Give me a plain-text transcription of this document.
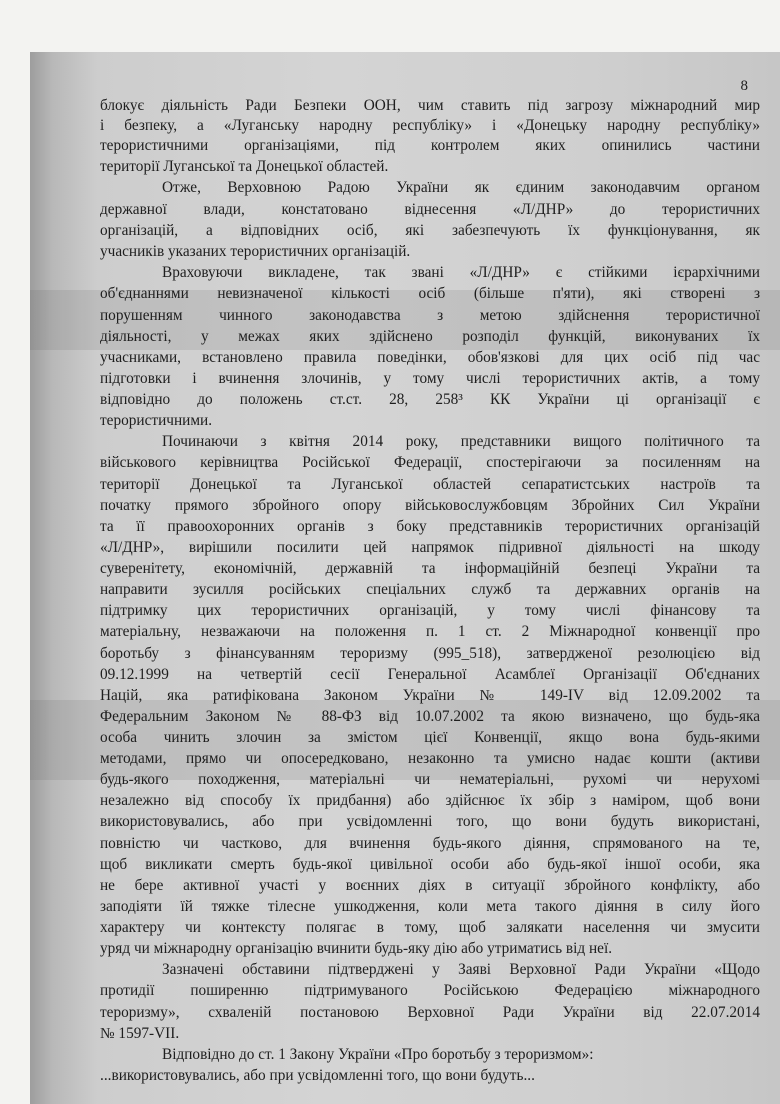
8
блокує діяльність Ради Безпеки ООН, чим ставить під загрозу міжнародний мир
і безпеку, а «Луганську народну республіку» і «Донецьку народну республіку»
терористичними організаціями, під контролем яких опинились частини
території Луганської та Донецької областей.
Отже, Верховною Радою України як єдиним законодавчим органом
державної влади, констатовано віднесення «Л/ДНР» до терористичних
організацій, а відповідних осіб, які забезпечують їх функціонування, як
учасників указаних терористичних організацій.
Враховуючи викладене, так звані «Л/ДНР» є стійкими ієрархічними
об'єднаннями невизначеної кількості осіб (більше п'яти), які створені з
порушенням чинного законодавства з метою здійснення терористичної
діяльності, у межах яких здійснено розподіл функцій, виконуваних їх
учасниками, встановлено правила поведінки, обов'язкові для цих осіб під час
підготовки і вчинення злочинів, у тому числі терористичних актів, а тому
відповідно до положень ст.ст. 28, 258³ КК України ці організації є
терористичними.
Починаючи з квітня 2014 року, представники вищого політичного та
військового керівництва Російської Федерації, спостерігаючи за посиленням на
території Донецької та Луганської областей сепаратистських настроїв та
початку прямого збройного опору військовослужбовцям Збройних Сил України
та її правоохоронних органів з боку представників терористичних організацій
«Л/ДНР», вирішили посилити цей напрямок підривної діяльності на шкоду
суверенітету, економічній, державній та інформаційній безпеці України та
направити зусилля російських спеціальних служб та державних органів на
підтримку цих терористичних організацій, у тому числі фінансову та
матеріальну, незважаючи на положення п. 1 ст. 2 Міжнародної конвенції про
боротьбу з фінансуванням тероризму (995_518), затвердженої резолюцією від
09.12.1999 на четвертій сесії Генеральної Асамблеї Організації Об'єднаних
Націй, яка ратифікована Законом України № 149-IV від 12.09.2002 та
Федеральним Законом № 88-ФЗ від 10.07.2002 та якою визначено, що будь-яка
особа чинить злочин за змістом цієї Конвенції, якщо вона будь-якими
методами, прямо чи опосередковано, незаконно та умисно надає кошти (активи
будь-якого походження, матеріальні чи нематеріальні, рухомі чи нерухомі
незалежно від способу їх придбання) або здійснює їх збір з наміром, щоб вони
використовувались, або при усвідомленні того, що вони будуть використані,
повністю чи частково, для вчинення будь-якого діяння, спрямованого на те,
щоб викликати смерть будь-якої цивільної особи або будь-якої іншої особи, яка
не бере активної участі у воєнних діях в ситуації збройного конфлікту, або
заподіяти їй тяжке тілесне ушкодження, коли мета такого діяння в силу його
характеру чи контексту полягає в тому, щоб залякати населення чи змусити
уряд чи міжнародну організацію вчинити будь-яку дію або утриматись від неї.
Зазначені обставини підтверджені у Заяві Верховної Ради України «Щодо
протидії поширенню підтримуваного Російською Федерацією міжнародного
тероризму», схваленій постановою Верховної Ради України від 22.07.2014
№ 1597-VII.
Відповідно до ст. 1 Закону України «Про боротьбу з тероризмом»:
...використовувались, або при усвідомленні того, що вони будуть...
